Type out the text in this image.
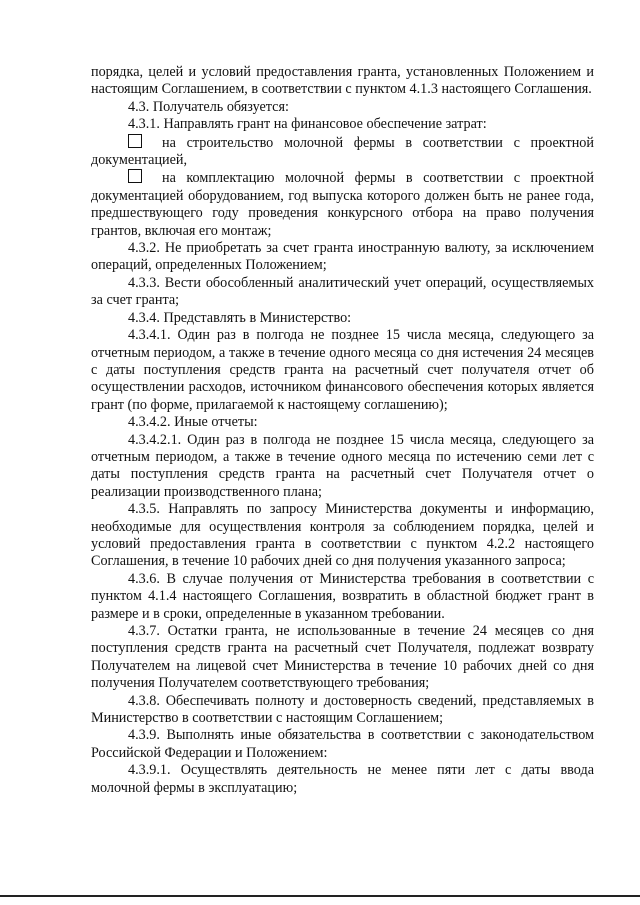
порядка, целей и условий предоставления гранта, установленных Положением и настоящим Соглашением, в соответствии с пунктом 4.1.3 настоящего Соглашения.

4.3. Получатель обязуется:

4.3.1. Направлять грант на финансовое обеспечение затрат:

на строительство молочной фермы в соответствии с проектной документацией,

на комплектацию молочной фермы в соответствии с проектной документацией оборудованием, год выпуска которого должен быть не ранее года, предшествующего году проведения конкурсного отбора на право получения грантов, включая его монтаж;

4.3.2. Не приобретать за счет гранта иностранную валюту, за исключением операций, определенных Положением;

4.3.3. Вести обособленный аналитический учет операций, осуществляемых за счет гранта;

4.3.4. Представлять в Министерство:

4.3.4.1. Один раз в полгода не позднее 15 числа месяца, следующего за отчетным периодом, а также в течение одного месяца со дня истечения 24 месяцев с даты поступления средств гранта на расчетный счет получателя отчет об осуществлении расходов, источником финансового обеспечения которых является грант (по форме, прилагаемой к настоящему соглашению);

4.3.4.2. Иные отчеты:

4.3.4.2.1. Один раз в полгода не позднее 15 числа месяца, следующего за отчетным периодом, а также в течение одного месяца по истечению семи лет с даты поступления средств гранта на расчетный счет Получателя отчет о реализации производственного плана;

4.3.5. Направлять по запросу Министерства документы и информацию, необходимые для осуществления контроля за соблюдением порядка, целей и условий предоставления гранта в соответствии с пунктом 4.2.2 настоящего Соглашения, в течение 10 рабочих дней со дня получения указанного запроса;

4.3.6. В случае получения от Министерства требования в соответствии с пунктом 4.1.4 настоящего Соглашения, возвратить в областной бюджет грант в размере и в сроки, определенные в указанном требовании.

4.3.7. Остатки гранта, не использованные в течение 24 месяцев со дня поступления средств гранта на расчетный счет Получателя, подлежат возврату Получателем на лицевой счет Министерства в течение 10 рабочих дней со дня получения Получателем соответствующего требования;

4.3.8. Обеспечивать полноту и достоверность сведений, представляемых в Министерство в соответствии с настоящим Соглашением;

4.3.9. Выполнять иные обязательства в соответствии с законодательством Российской Федерации и Положением:

4.3.9.1. Осуществлять деятельность не менее пяти лет с даты ввода молочной фермы в эксплуатацию;
